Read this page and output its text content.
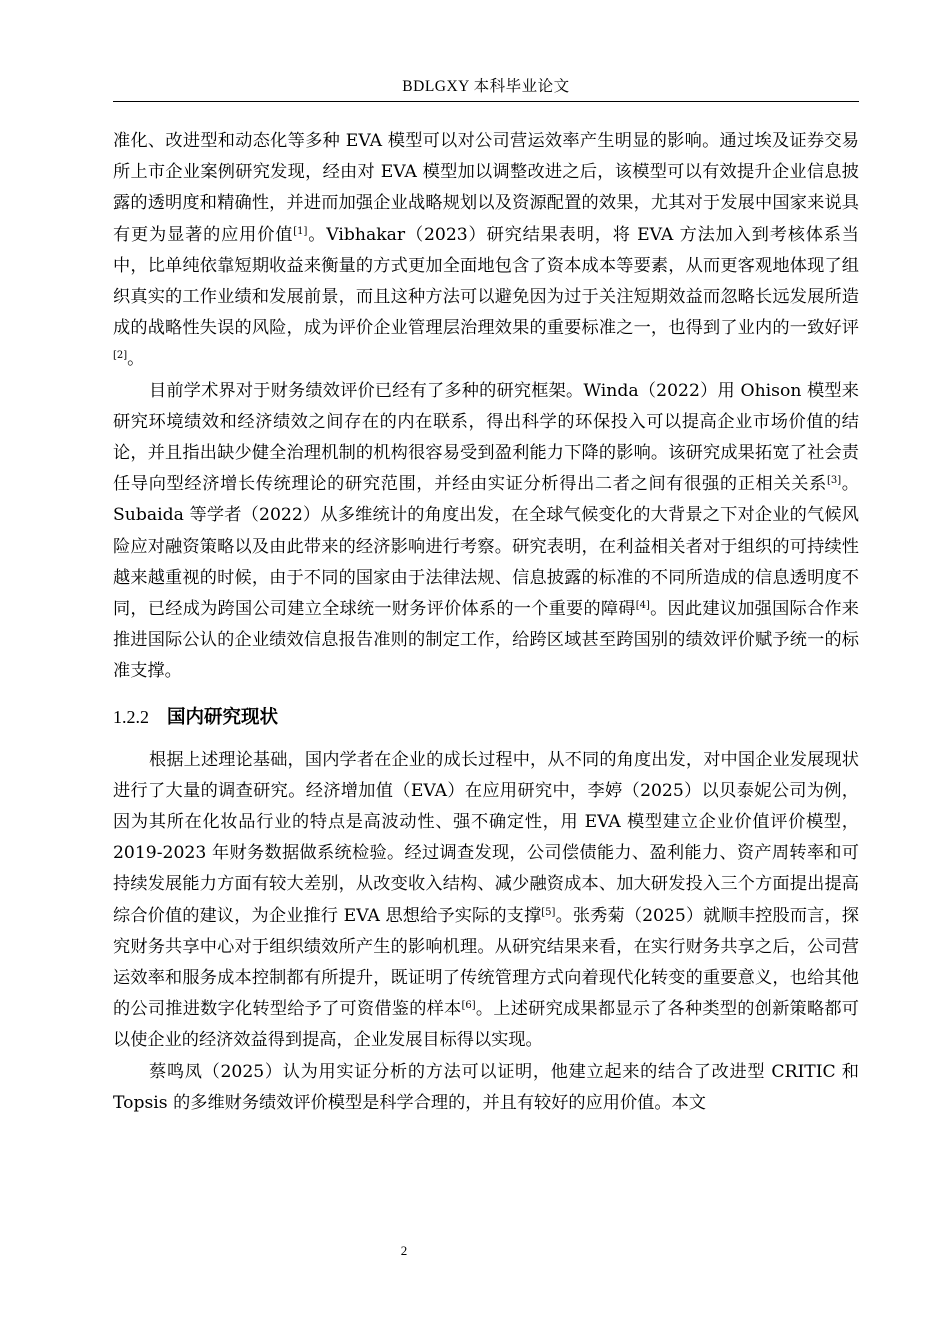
BDLGXY 本科毕业论文

准化、改进型和动态化等多种 EVA 模型可以对公司营运效率产生明显的影响。通过埃及证券交易所上市企业案例研究发现，经由对 EVA 模型加以调整改进之后，该模型可以有效提升企业信息披露的透明度和精确性，并进而加强企业战略规划以及资源配置的效果，尤其对于发展中国家来说具有更为显著的应用价值[1]。Vibhakar（2023）研究结果表明，将 EVA 方法加入到考核体系当中，比单纯依靠短期收益来衡量的方式更加全面地包含了资本成本等要素，从而更客观地体现了组织真实的工作业绩和发展前景，而且这种方法可以避免因为过于关注短期效益而忽略长远发展所造成的战略性失误的风险，成为评价企业管理层治理效果的重要标准之一，也得到了业内的一致好评[2]。

目前学术界对于财务绩效评价已经有了多种的研究框架。Winda（2022）用 Ohison 模型来研究环境绩效和经济绩效之间存在的内在联系，得出科学的环保投入可以提高企业市场价值的结论，并且指出缺少健全治理机制的机构很容易受到盈利能力下降的影响。该研究成果拓宽了社会责任导向型经济增长传统理论的研究范围，并经由实证分析得出二者之间有很强的正相关关系[3]。Subaida 等学者（2022）从多维统计的角度出发，在全球气候变化的大背景之下对企业的气候风险应对融资策略以及由此带来的经济影响进行考察。研究表明，在利益相关者对于组织的可持续性越来越重视的时候，由于不同的国家由于法律法规、信息披露的标准的不同所造成的信息透明度不同，已经成为跨国公司建立全球统一财务评价体系的一个重要的障碍[4]。因此建议加强国际合作来推进国际公认的企业绩效信息报告准则的制定工作，给跨区域甚至跨国别的绩效评价赋予统一的标准支撑。

1.2.2 国内研究现状

根据上述理论基础，国内学者在企业的成长过程中，从不同的角度出发，对中国企业发展现状进行了大量的调查研究。经济增加值（EVA）在应用研究中，李婷（2025）以贝泰妮公司为例，因为其所在化妆品行业的特点是高波动性、强不确定性，用 EVA 模型建立企业价值评价模型，2019-2023 年财务数据做系统检验。经过调查发现，公司偿债能力、盈利能力、资产周转率和可持续发展能力方面有较大差别，从改变收入结构、减少融资成本、加大研发投入三个方面提出提高综合价值的建议，为企业推行 EVA 思想给予实际的支撑[5]。张秀菊（2025）就顺丰控股而言，探究财务共享中心对于组织绩效所产生的影响机理。从研究结果来看，在实行财务共享之后，公司营运效率和服务成本控制都有所提升，既证明了传统管理方式向着现代化转变的重要意义，也给其他的公司推进数字化转型给予了可资借鉴的样本[6]。上述研究成果都显示了各种类型的创新策略都可以使企业的经济效益得到提高，企业发展目标得以实现。

蔡鸣凤（2025）认为用实证分析的方法可以证明，他建立起来的结合了改进型 CRITIC 和 Topsis 的多维财务绩效评价模型是科学合理的，并且有较好的应用价值。本文

2
